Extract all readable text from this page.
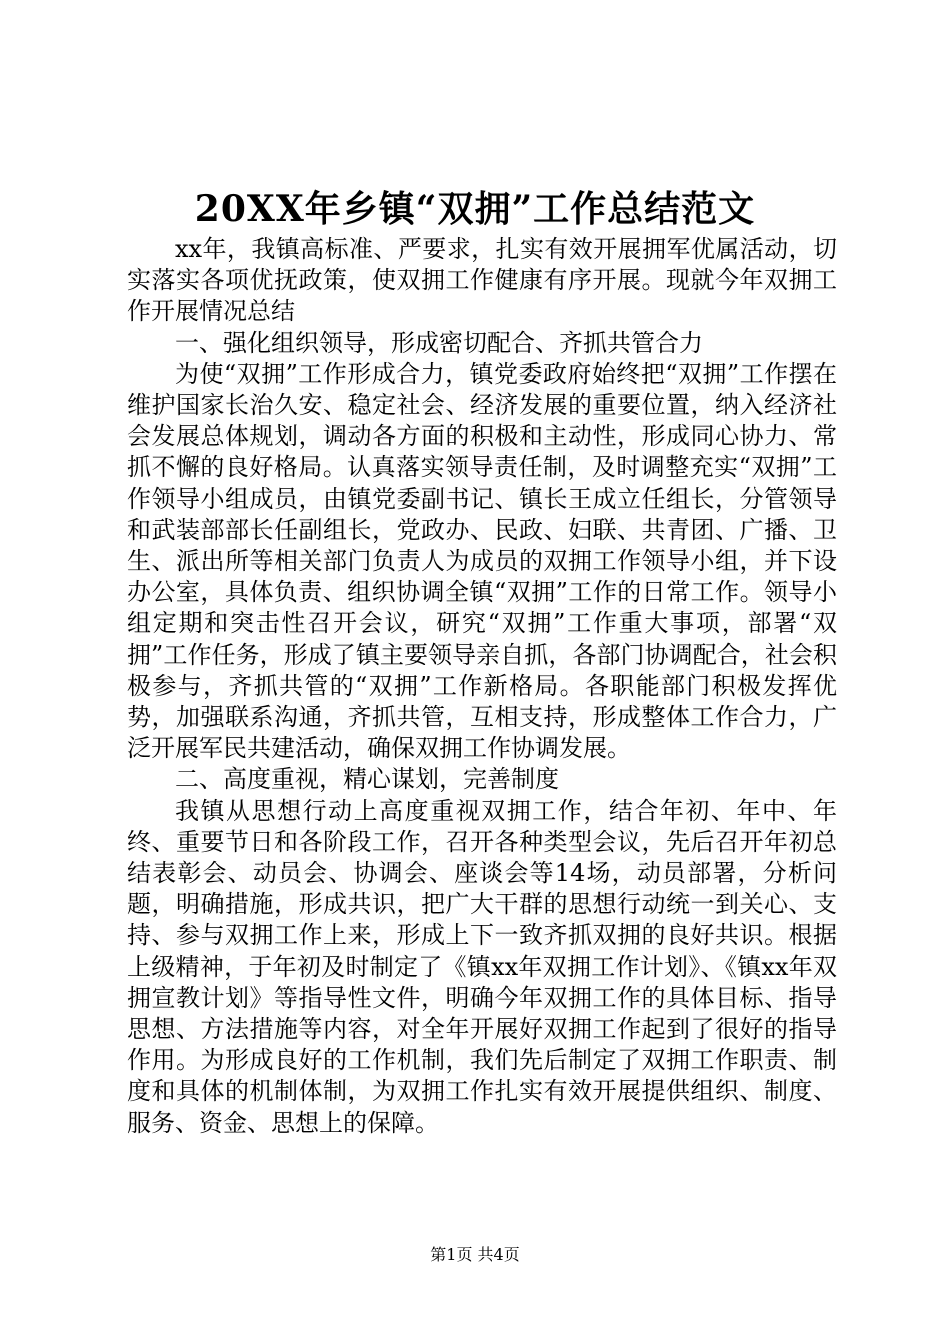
20XX年乡镇“双拥”工作总结范文

xx年，我镇高标准、严要求，扎实有效开展拥军优属活动，切实落实各项优抚政策，使双拥工作健康有序开展。现就今年双拥工作开展情况总结

一、强化组织领导，形成密切配合、齐抓共管合力

为使“双拥”工作形成合力，镇党委政府始终把“双拥”工作摆在维护国家长治久安、稳定社会、经济发展的重要位置，纳入经济社会发展总体规划，调动各方面的积极和主动性，形成同心协力、常抓不懈的良好格局。认真落实领导责任制，及时调整充实“双拥”工作领导小组成员，由镇党委副书记、镇长王成立任组长，分管领导和武装部部长任副组长，党政办、民政、妇联、共青团、广播、卫生、派出所等相关部门负责人为成员的双拥工作领导小组，并下设办公室，具体负责、组织协调全镇“双拥”工作的日常工作。领导小组定期和突击性召开会议，研究“双拥”工作重大事项，部署“双拥”工作任务，形成了镇主要领导亲自抓，各部门协调配合，社会积极参与，齐抓共管的“双拥”工作新格局。各职能部门积极发挥优势，加强联系沟通，齐抓共管，互相支持，形成整体工作合力，广泛开展军民共建活动，确保双拥工作协调发展。

二、高度重视，精心谋划，完善制度

我镇从思想行动上高度重视双拥工作，结合年初、年中、年终、重要节日和各阶段工作，召开各种类型会议，先后召开年初总结表彰会、动员会、协调会、座谈会等14场，动员部署，分析问题，明确措施，形成共识，把广大干群的思想行动统一到关心、支持、参与双拥工作上来，形成上下一致齐抓双拥的良好共识。根据上级精神，于年初及时制定了《镇xx年双拥工作计划》、《镇xx年双拥宣教计划》等指导性文件，明确今年双拥工作的具体目标、指导思想、方法措施等内容，对全年开展好双拥工作起到了很好的指导作用。为形成良好的工作机制，我们先后制定了双拥工作职责、制度和具体的机制体制，为双拥工作扎实有效开展提供组织、制度、服务、资金、思想上的保障。

第1页 共4页
